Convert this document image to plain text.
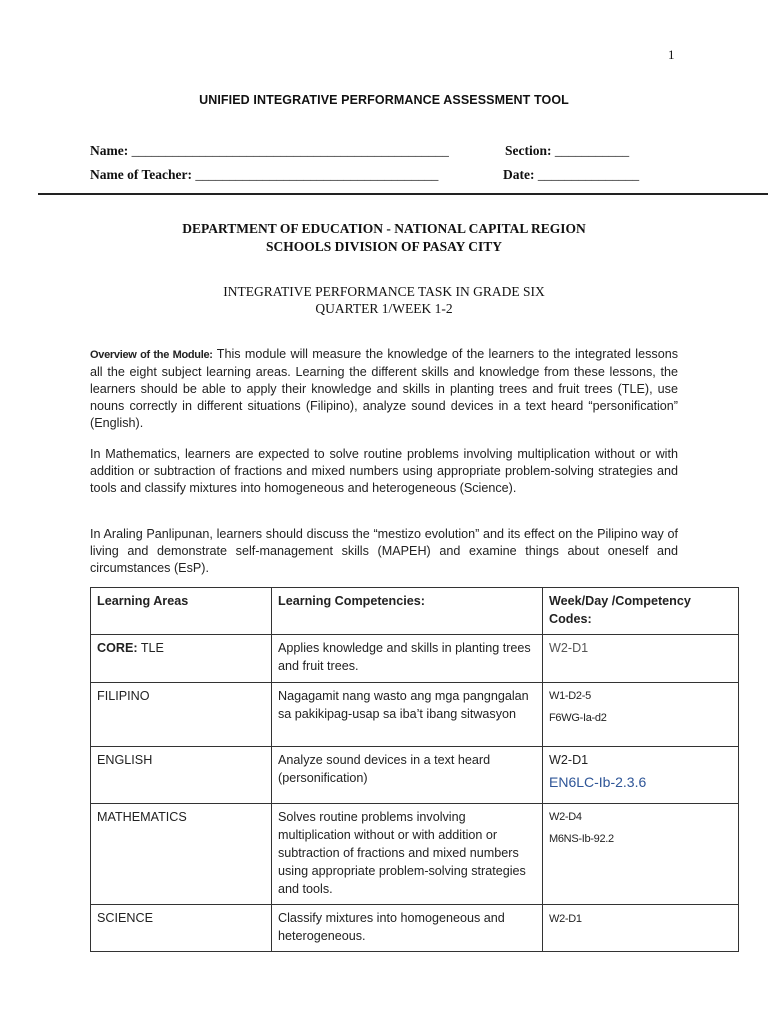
1
UNIFIED INTEGRATIVE PERFORMANCE ASSESSMENT TOOL
Name: _______________________________________________	Section: ___________
Name of Teacher: ____________________________________	Date: _______________
DEPARTMENT OF EDUCATION - NATIONAL CAPITAL REGION
SCHOOLS DIVISION OF PASAY CITY
INTEGRATIVE PERFORMANCE TASK IN GRADE SIX
QUARTER 1/WEEK 1-2
Overview of the Module: This module will measure the knowledge of the learners to the integrated lessons all the eight subject learning areas. Learning the different skills and knowledge from these lessons, the learners should be able to apply their knowledge and skills in planting trees and fruit trees (TLE), use nouns correctly in different situations (Filipino), analyze sound devices in a text heard “personification” (English).
In Mathematics, learners are expected to solve routine problems involving multiplication without or with addition or subtraction of fractions and mixed numbers using appropriate problem-solving strategies and tools and classify mixtures into homogeneous and heterogeneous (Science).
In Araling Panlipunan, learners should discuss the “mestizo evolution” and its effect on the Pilipino way of living and demonstrate self-management skills (MAPEH) and examine things about oneself and circumstances (EsP).
Learning Areas	Learning Competencies:	Week/Day /Competency Codes:
CORE: TLE	Applies knowledge and skills in planting trees and fruit trees.	W2-D1
FILIPINO	Nagagamit nang wasto ang mga pangngalan sa pakikipag-usap sa iba’t ibang sitwasyon	W1-D2-5
F6WG-Ia-d2

ENGLISH	Analyze sound devices in a text heard (personification)	W2-D1
EN6LC-Ib-2.3.6

MATHEMATICS	Solves routine problems involving multiplication without or with addition or subtraction of fractions and mixed numbers using appropriate problem-solving strategies and tools.	W2-D4
M6NS-Ib-92.2

SCIENCE	Classify mixtures into homogeneous and heterogeneous.	W2-D1
